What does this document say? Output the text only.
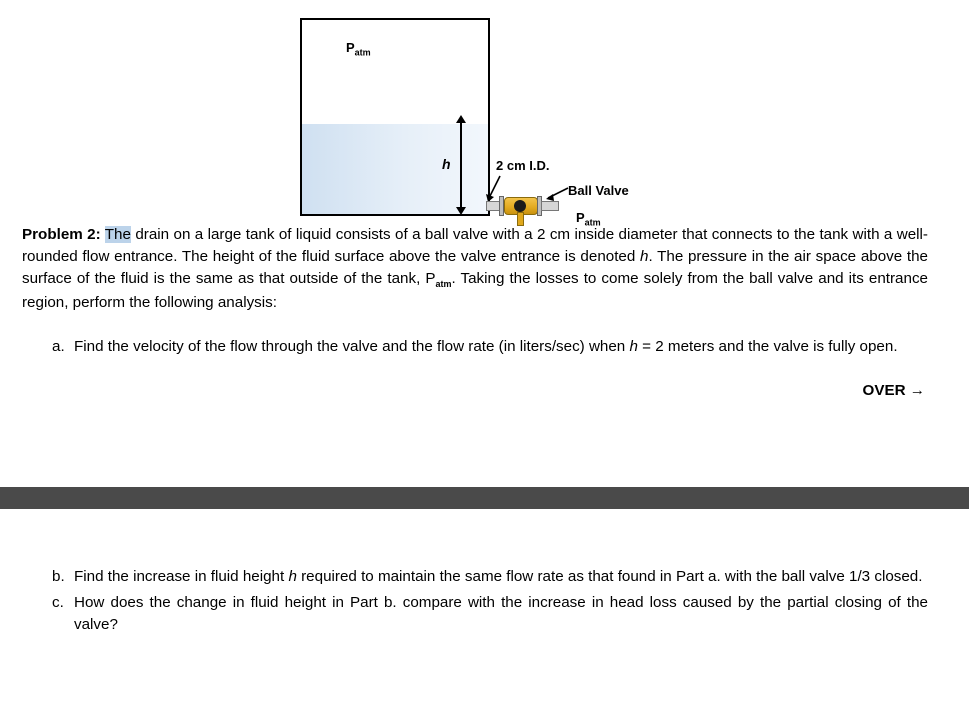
$P_{atm}$
h	2 cm I.D.
Ball Valve
$P_{atm}$

Problem 2: The drain on a large tank of liquid consists of a ball valve with a 2 cm inside diameter that connects to the tank with a well-rounded flow entrance. The height of the fluid surface above the valve entrance is denoted h. The pressure in the air space above the surface of the fluid is the same as that outside of the tank, $P_{atm}$. Taking the losses to come solely from the ball valve and its entrance region, perform the following analysis:

a. Find the velocity of the flow through the valve and the flow rate (in liters/sec) when h = 2 meters and the valve is fully open.
OVER →
b. Find the increase in fluid height h required to maintain the same flow rate as that found in Part a. with the ball valve 1/3 closed.
c. How does the change in fluid height in Part b. compare with the increase in head loss caused by the partial closing of the valve?
